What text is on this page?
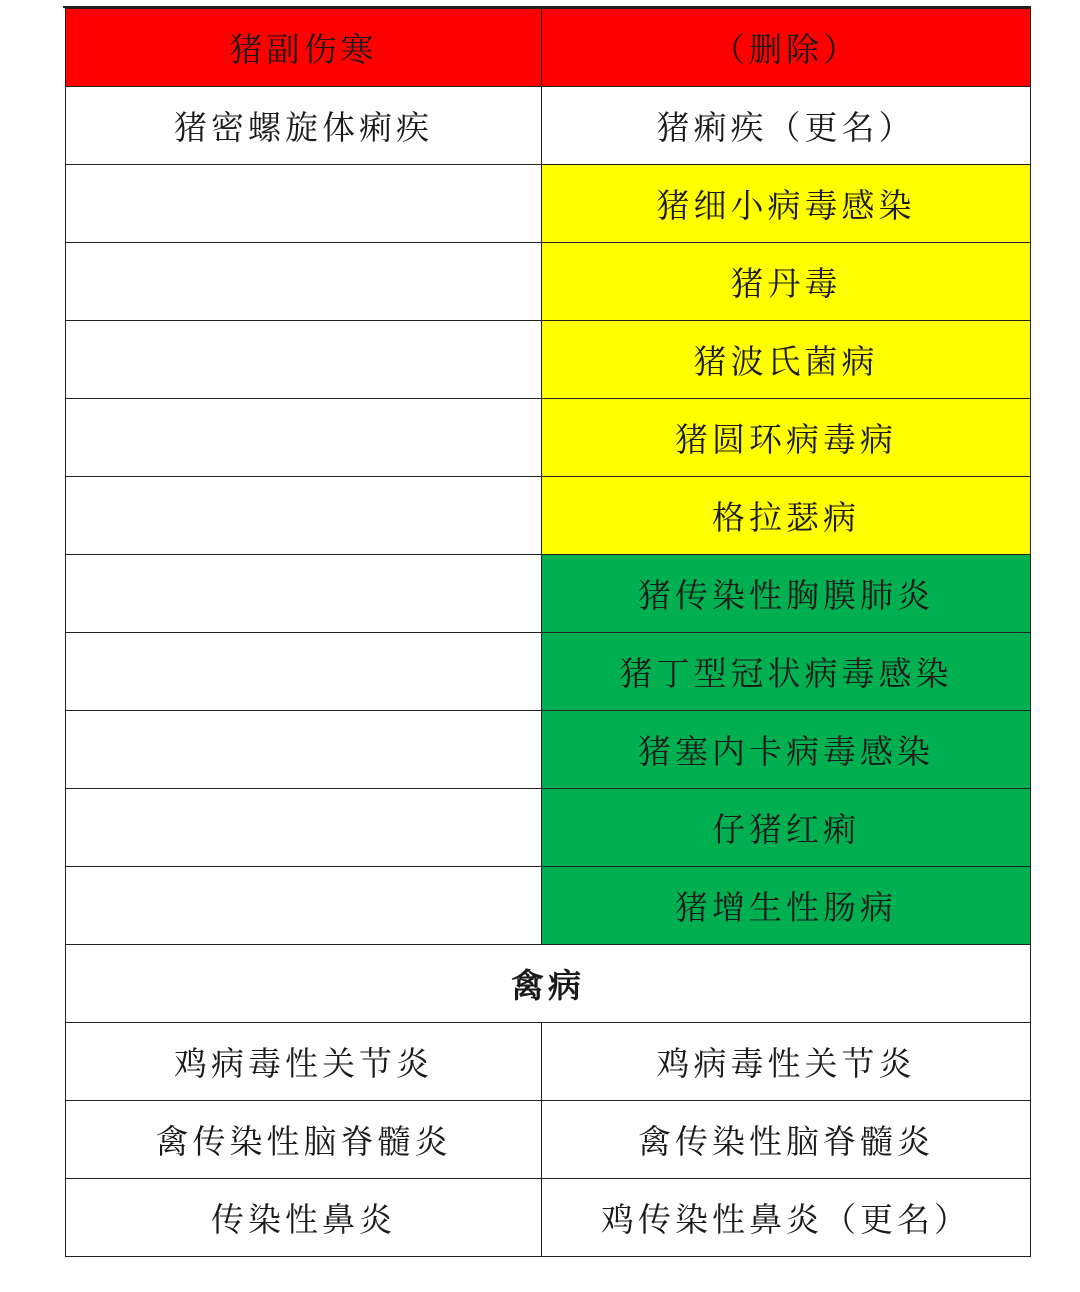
猪副伤寒	（删除）
猪密螺旋体痢疾	猪痢疾（更名）
	猪细小病毒感染
	猪丹毒
	猪波氏菌病
	猪圆环病毒病
	格拉瑟病
	猪传染性胸膜肺炎
	猪丁型冠状病毒感染
	猪塞内卡病毒感染
	仔猪红痢
	猪增生性肠病
禽病	
鸡病毒性关节炎	鸡病毒性关节炎
禽传染性脑脊髓炎	禽传染性脑脊髓炎
传染性鼻炎	鸡传染性鼻炎（更名）
